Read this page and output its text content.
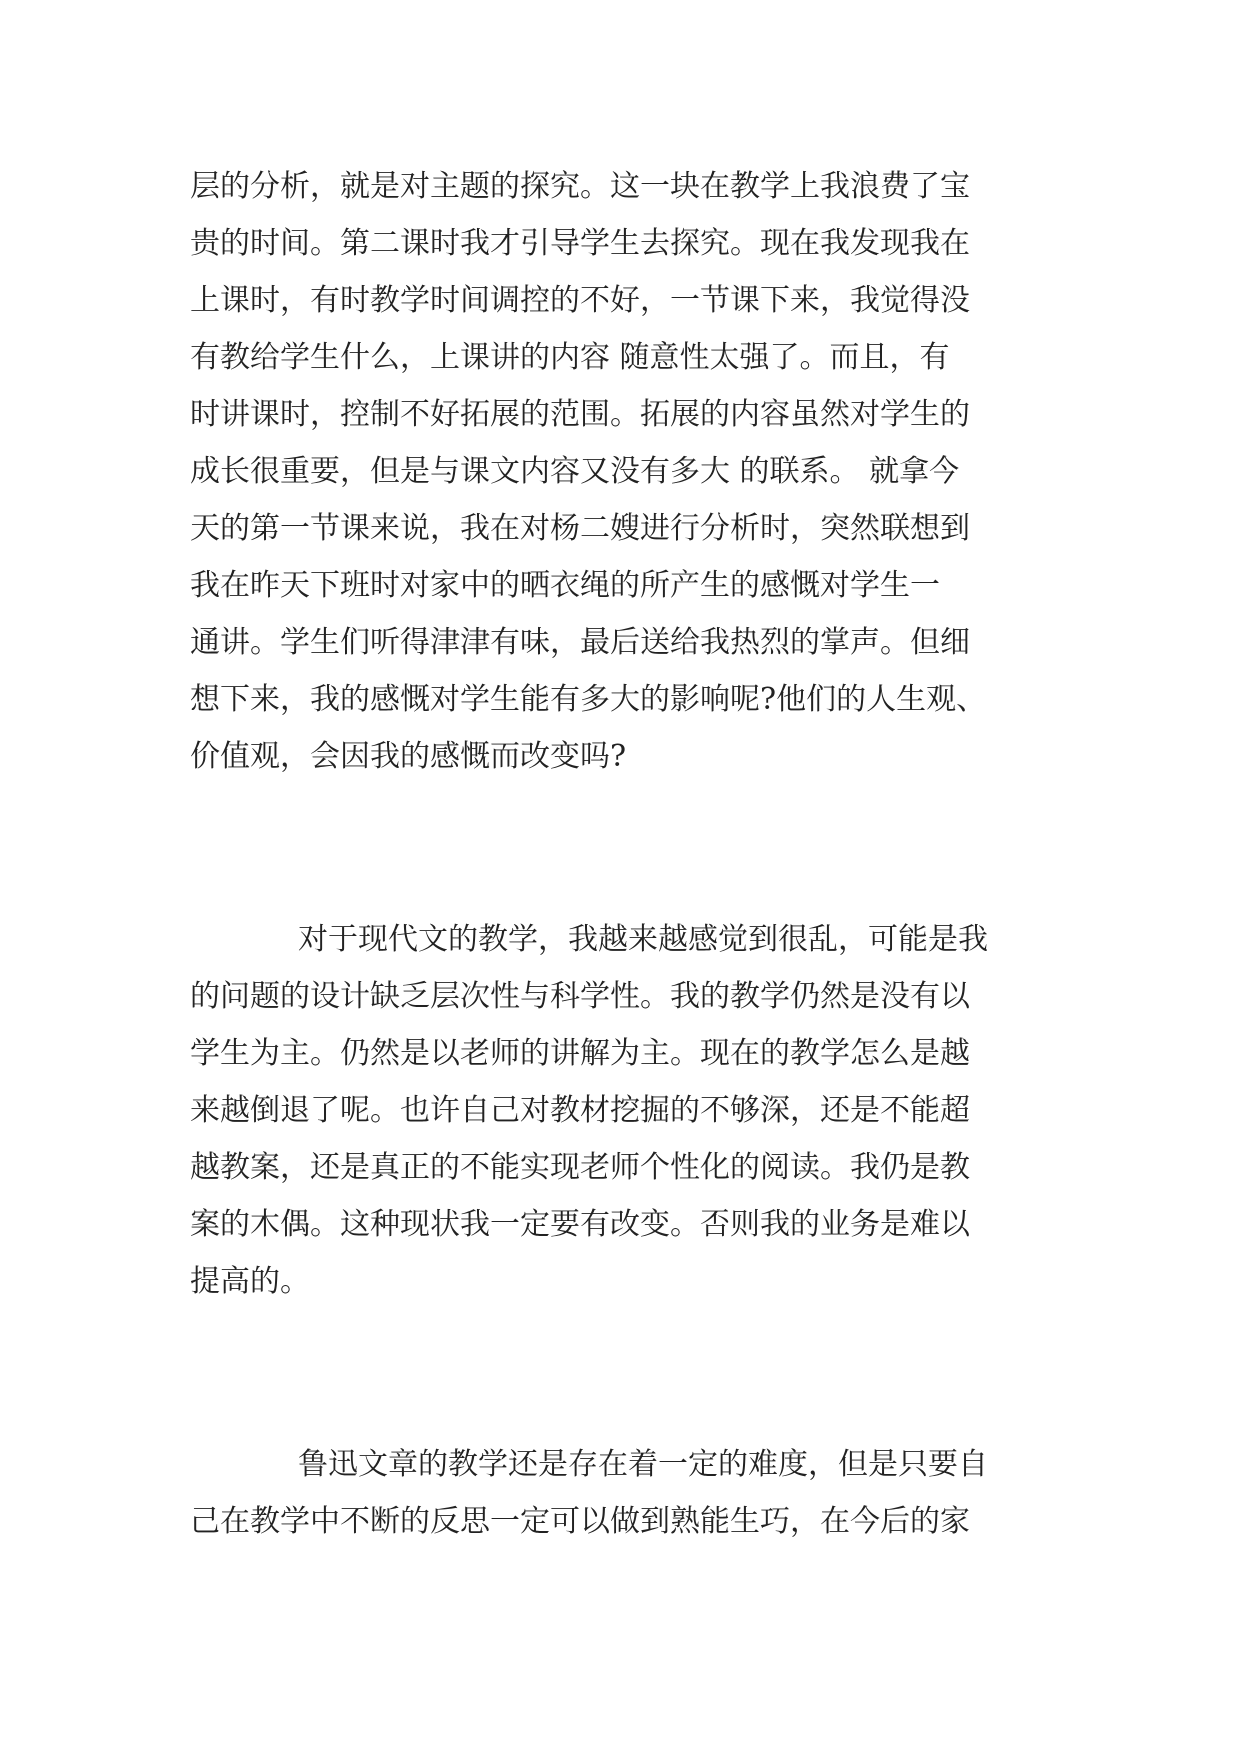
层的分析，就是对主题的探究。这一块在教学上我浪费了宝
贵的时间。第二课时我才引导学生去探究。现在我发现我在
上课时，有时教学时间调控的不好，一节课下来，我觉得没
有教给学生什么，上课讲的内容 随意性太强了。而且，有
时讲课时，控制不好拓展的范围。拓展的内容虽然对学生的
成长很重要，但是与课文内容又没有多大 的联系。 就拿今
天的第一节课来说，我在对杨二嫂进行分析时，突然联想到
我在昨天下班时对家中的晒衣绳的所产生的感慨对学生一
通讲。学生们听得津津有味，最后送给我热烈的掌声。但细
想下来，我的感慨对学生能有多大的影响呢?他们的人生观、
价值观，会因我的感慨而改变吗?
对于现代文的教学，我越来越感觉到很乱，可能是我
的问题的设计缺乏层次性与科学性。我的教学仍然是没有以
学生为主。仍然是以老师的讲解为主。现在的教学怎么是越
来越倒退了呢。也许自己对教材挖掘的不够深，还是不能超
越教案，还是真正的不能实现老师个性化的阅读。我仍是教
案的木偶。这种现状我一定要有改变。否则我的业务是难以
提高的。
鲁迅文章的教学还是存在着一定的难度，但是只要自
己在教学中不断的反思一定可以做到熟能生巧，在今后的家
